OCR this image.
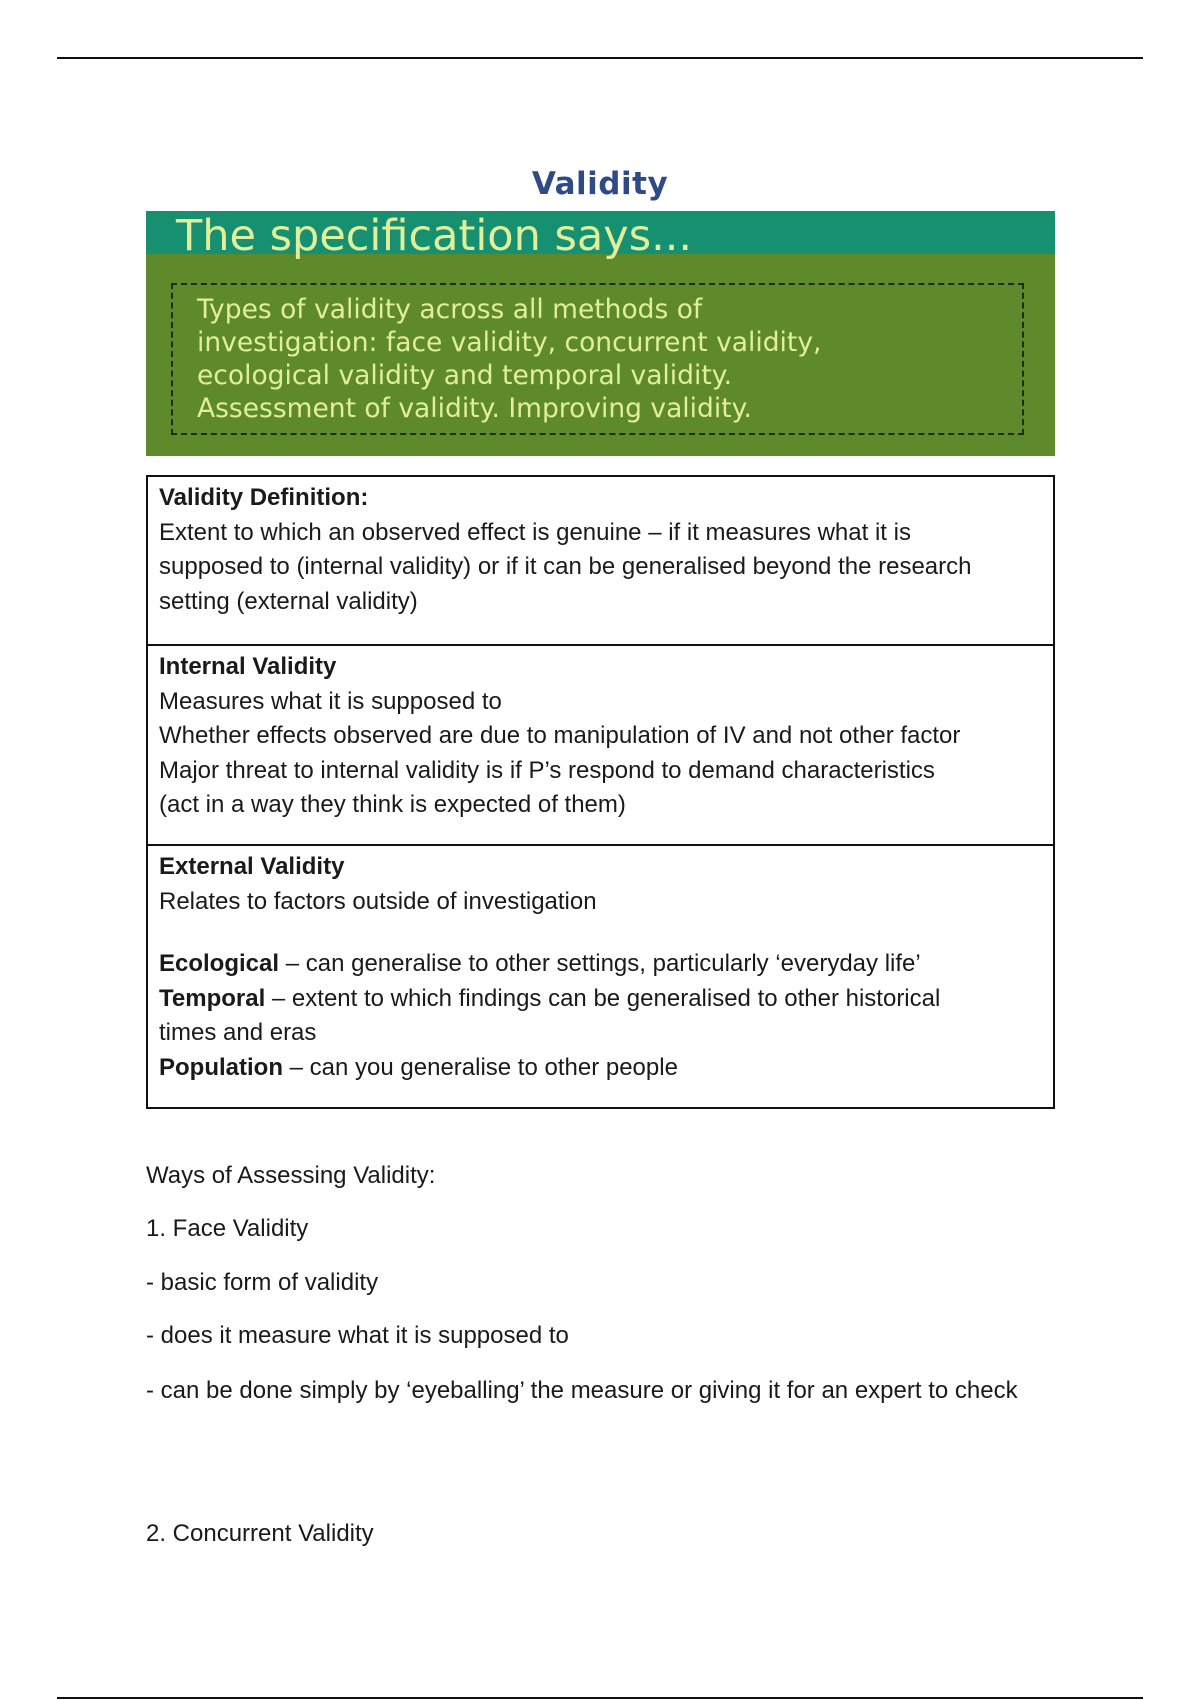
Validity
The specification says...

Types of validity across all methods of
investigation: face validity, concurrent validity,
ecological validity and temporal validity.
Assessment of validity. Improving validity.

Validity Definition:

Extent to which an observed effect is genuine – if it measures what it is

supposed to (internal validity) or if it can be generalised beyond the research

setting (external validity)

Internal Validity

Measures what it is supposed to

Whether effects observed are due to manipulation of IV and not other factor

Major threat to internal validity is if P’s respond to demand characteristics

(act in a way they think is expected of them)

External Validity

Relates to factors outside of investigation

Ecological – can generalise to other settings, particularly ‘everyday life’

Temporal – extent to which findings can be generalised to other historical

times and eras

Population – can you generalise to other people

Ways of Assessing Validity:

1. Face Validity

- basic form of validity

- does it measure what it is supposed to

- can be done simply by ‘eyeballing’ the measure or giving it for an expert to check

2. Concurrent Validity
